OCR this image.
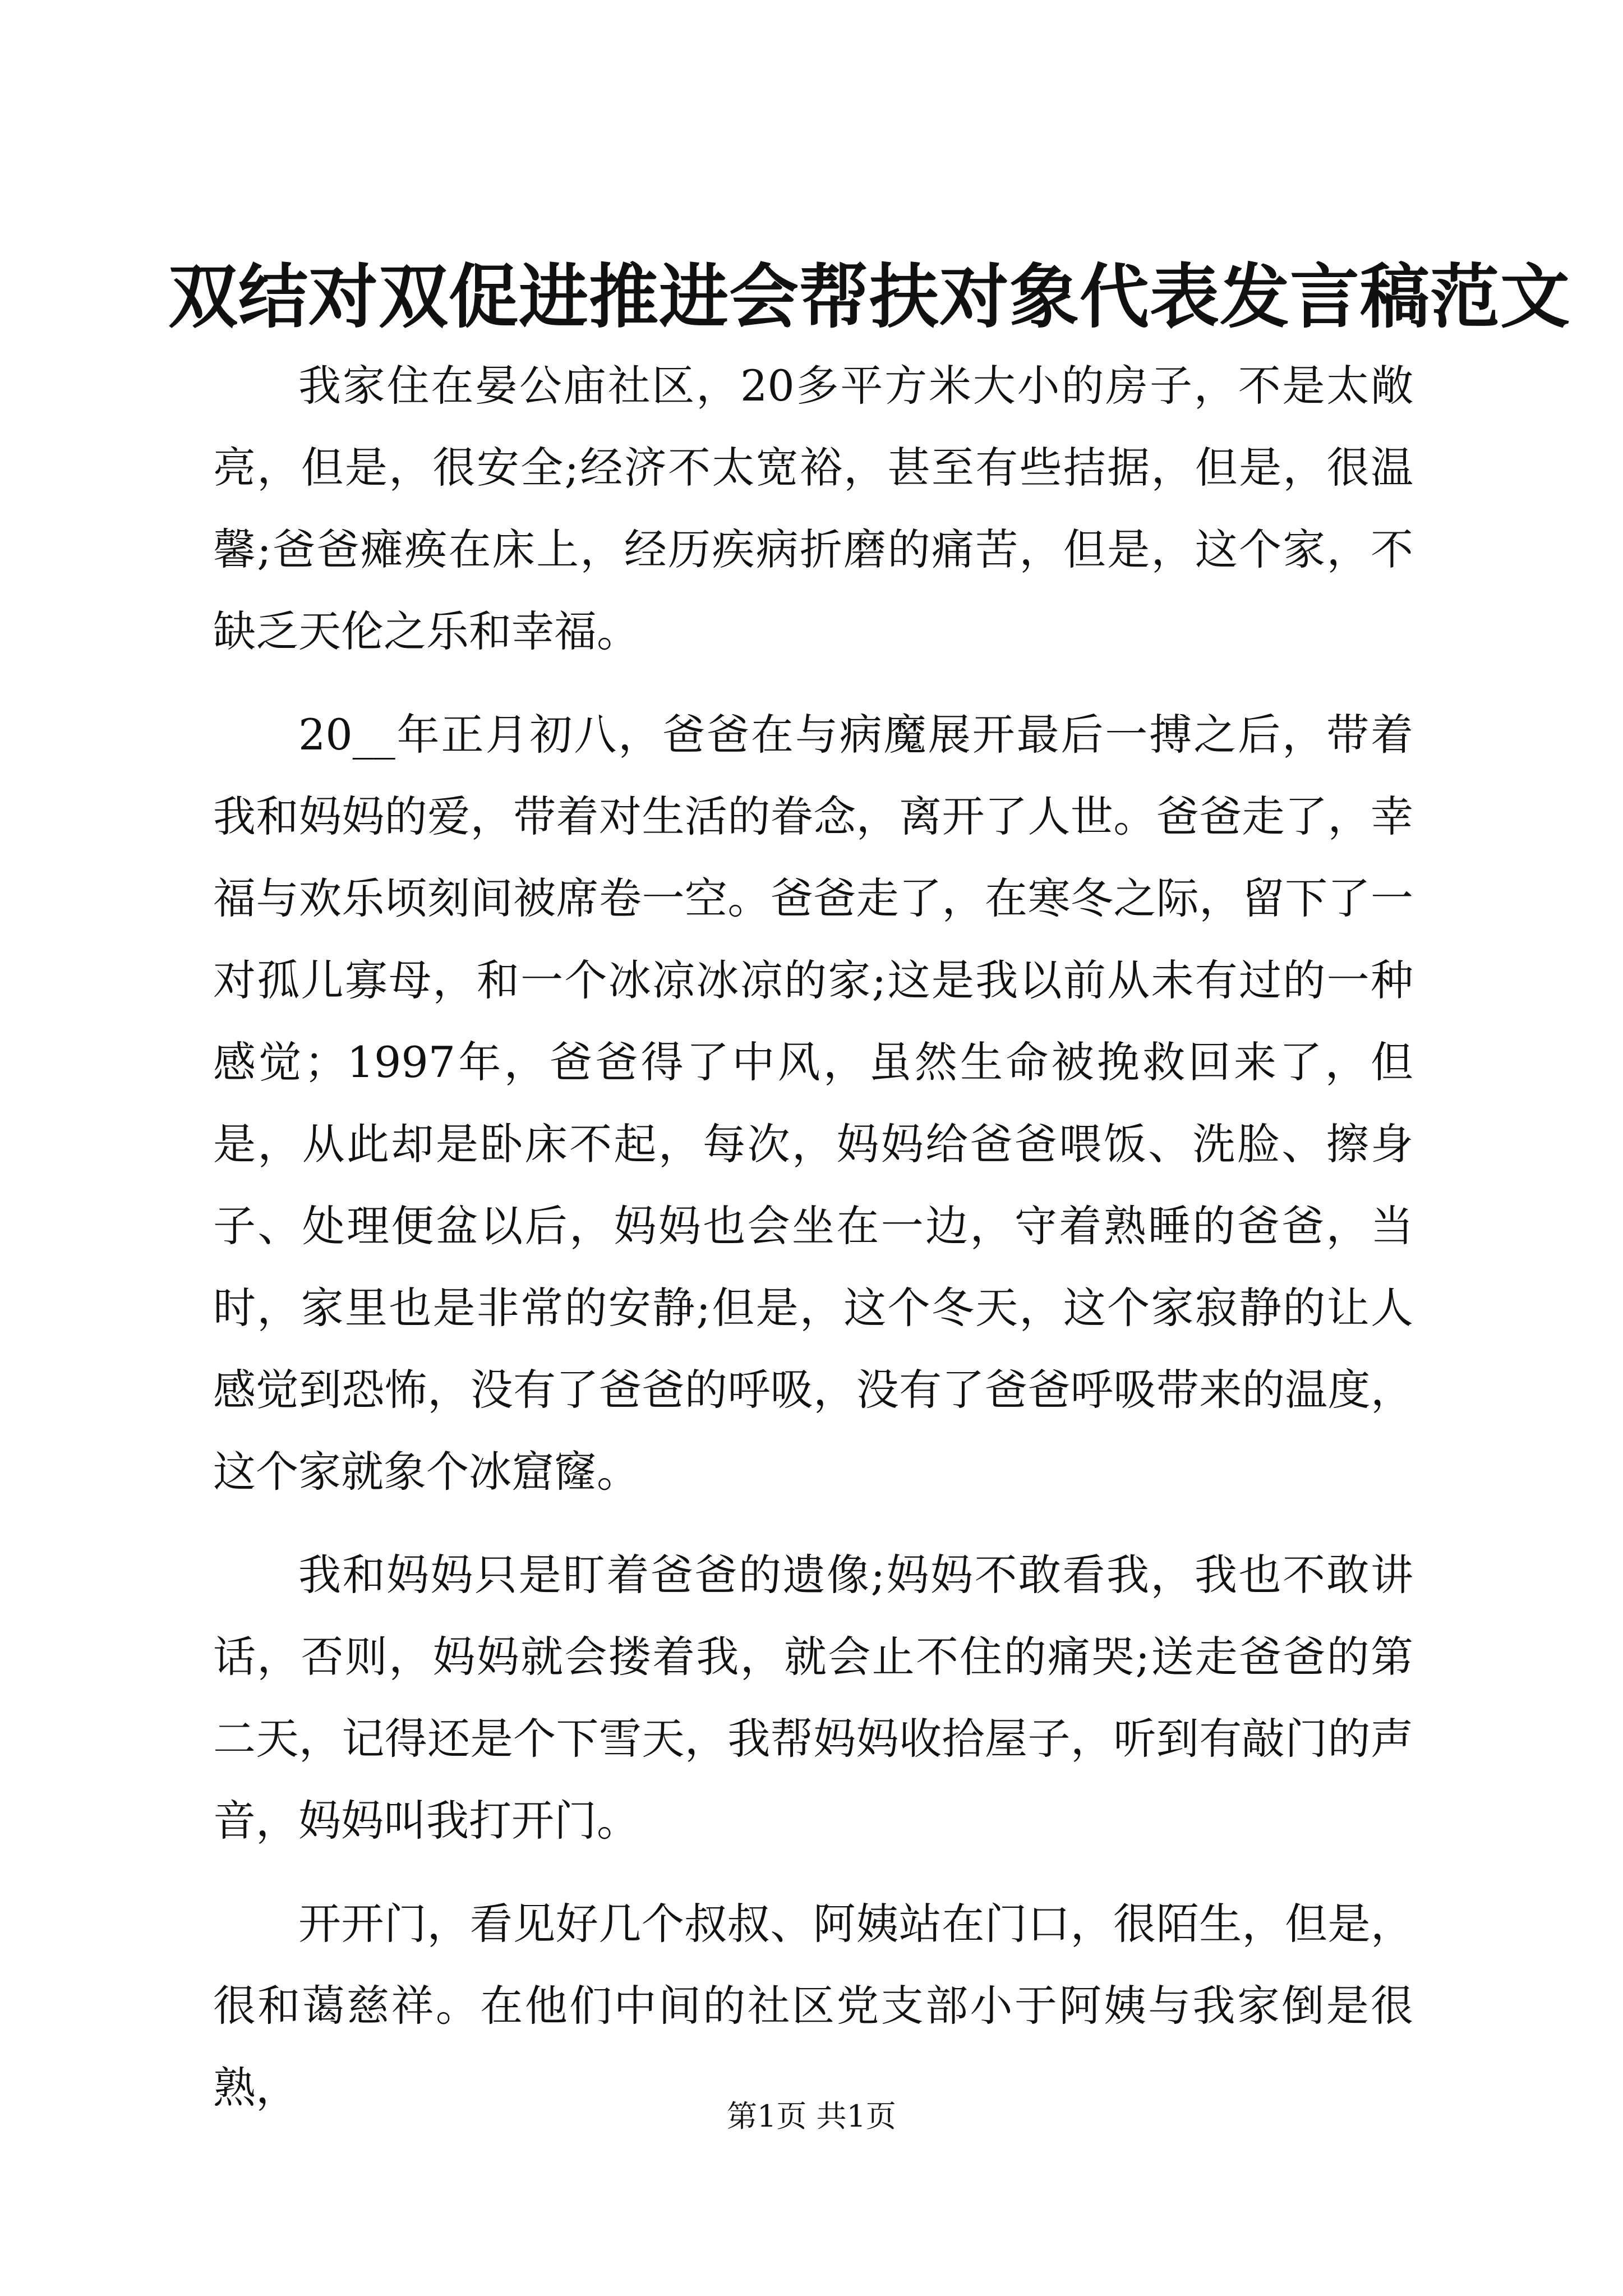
双结对双促进推进会帮扶对象代表发言稿范文

我家住在晏公庙社区，20多平方米大小的房子，不是太敞亮，但是，很安全;经济不太宽裕，甚至有些拮据，但是，很温馨;爸爸瘫痪在床上，经历疾病折磨的痛苦，但是，这个家，不缺乏天伦之乐和幸福。

20__年正月初八，爸爸在与病魔展开最后一搏之后，带着我和妈妈的爱，带着对生活的眷念，离开了人世。爸爸走了，幸福与欢乐顷刻间被席卷一空。爸爸走了，在寒冬之际，留下了一对孤儿寡母，和一个冰凉冰凉的家;这是我以前从未有过的一种感觉；1997年，爸爸得了中风，虽然生命被挽救回来了，但是，从此却是卧床不起，每次，妈妈给爸爸喂饭、洗脸、擦身子、处理便盆以后，妈妈也会坐在一边，守着熟睡的爸爸，当时，家里也是非常的安静;但是，这个冬天，这个家寂静的让人感觉到恐怖，没有了爸爸的呼吸，没有了爸爸呼吸带来的温度，这个家就象个冰窟窿。

我和妈妈只是盯着爸爸的遗像;妈妈不敢看我，我也不敢讲话，否则，妈妈就会搂着我，就会止不住的痛哭;送走爸爸的第二天，记得还是个下雪天，我帮妈妈收拾屋子，听到有敲门的声音，妈妈叫我打开门。

开开门，看见好几个叔叔、阿姨站在门口，很陌生，但是，很和蔼慈祥。在他们中间的社区党支部小于阿姨与我家倒是很熟，

第1页 共1页
